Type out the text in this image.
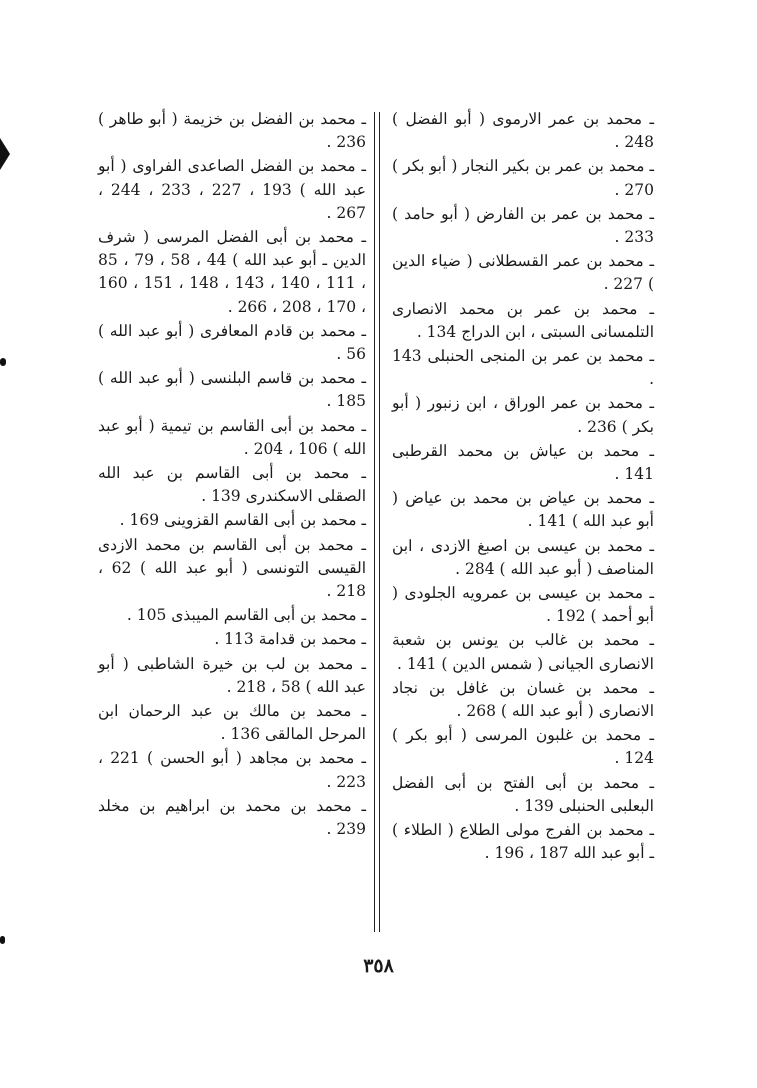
ـ محمد بن عمر الارموى ( أبو الفضل ) 248 .

ـ محمد بن عمر بن بكير النجار ( أبو بكر ) 270 .

ـ محمد بن عمر بن الفارض ( أبو حامد ) 233 .

ـ محمد بن عمر القسطلانى ( ضياء الدين ) 227 .

ـ محمد بن عمر بن محمد الانصارى التلمسانى السبتى ، ابن الدراج 134 .

ـ محمد بن عمر بن المنجى الحنبلى 143 .

ـ محمد بن عمر الوراق ، ابن زنبور ( أبو بكر ) 236 .

ـ محمد بن عياش بن محمد القرطبى 141 .

ـ محمد بن عياض بن محمد بن عياض ( أبو عبد الله ) 141 .

ـ محمد بن عيسى بن اصبغ الازدى ، ابن المناصف ( أبو عبد الله ) 284 .

ـ محمد بن عيسى بن عمرويه الجلودى ( أبو أحمد ) 192 .

ـ محمد بن غالب بن يونس بن شعبة الانصارى الجيانى ( شمس الدين ) 141 .

ـ محمد بن غسان بن غافل بن نجاد الانصارى ( أبو عبد الله ) 268 .

ـ محمد بن غلبون المرسى ( أبو بكر ) 124 .

ـ محمد بن أبى الفتح بن أبى الفضل البعلبى الحنبلى 139 .

ـ محمد بن الفرج مولى الطلاع ( الطلاء ) ـ أبو عبد الله 187 ، 196 .

ـ محمد بن الفضل بن خزيمة ( أبو طاهر ) 236 .

ـ محمد بن الفضل الصاعدى الفراوى ( أبو عبد الله ) 193 ، 227 ، 233 ، 244 ، 267 .

ـ محمد بن أبى الفضل المرسى ( شرف الدين ـ أبو عبد الله ) 44 ، 58 ، 79 ، 85 ، 111 ، 140 ، 143 ، 148 ، 151 ، 160 ، 170 ، 208 ، 266 .

ـ محمد بن قادم المعافرى ( أبو عبد الله ) 56 .

ـ محمد بن قاسم البلنسى ( أبو عبد الله ) 185 .

ـ محمد بن أبى القاسم بن تيمية ( أبو عبد الله ) 106 ، 204 .

ـ محمد بن أبى القاسم بن عبد الله الصقلى الاسكندرى 139 .

ـ محمد بن أبى القاسم القزوينى 169 .

ـ محمد بن أبى القاسم بن محمد الازدى القيسى التونسى ( أبو عبد الله ) 62 ، 218 .

ـ محمد بن أبى القاسم الميبذى 105 .

ـ محمد بن قدامة 113 .

ـ محمد بن لب بن خيرة الشاطبى ( أبو عبد الله ) 58 ، 218 .

ـ محمد بن مالك بن عبد الرحمان ابن المرحل المالقى 136 .

ـ محمد بن مجاهد ( أبو الحسن ) 221 ، 223 .

ـ محمد بن محمد بن ابراهيم بن مخلد 239 .

٣٥٨
